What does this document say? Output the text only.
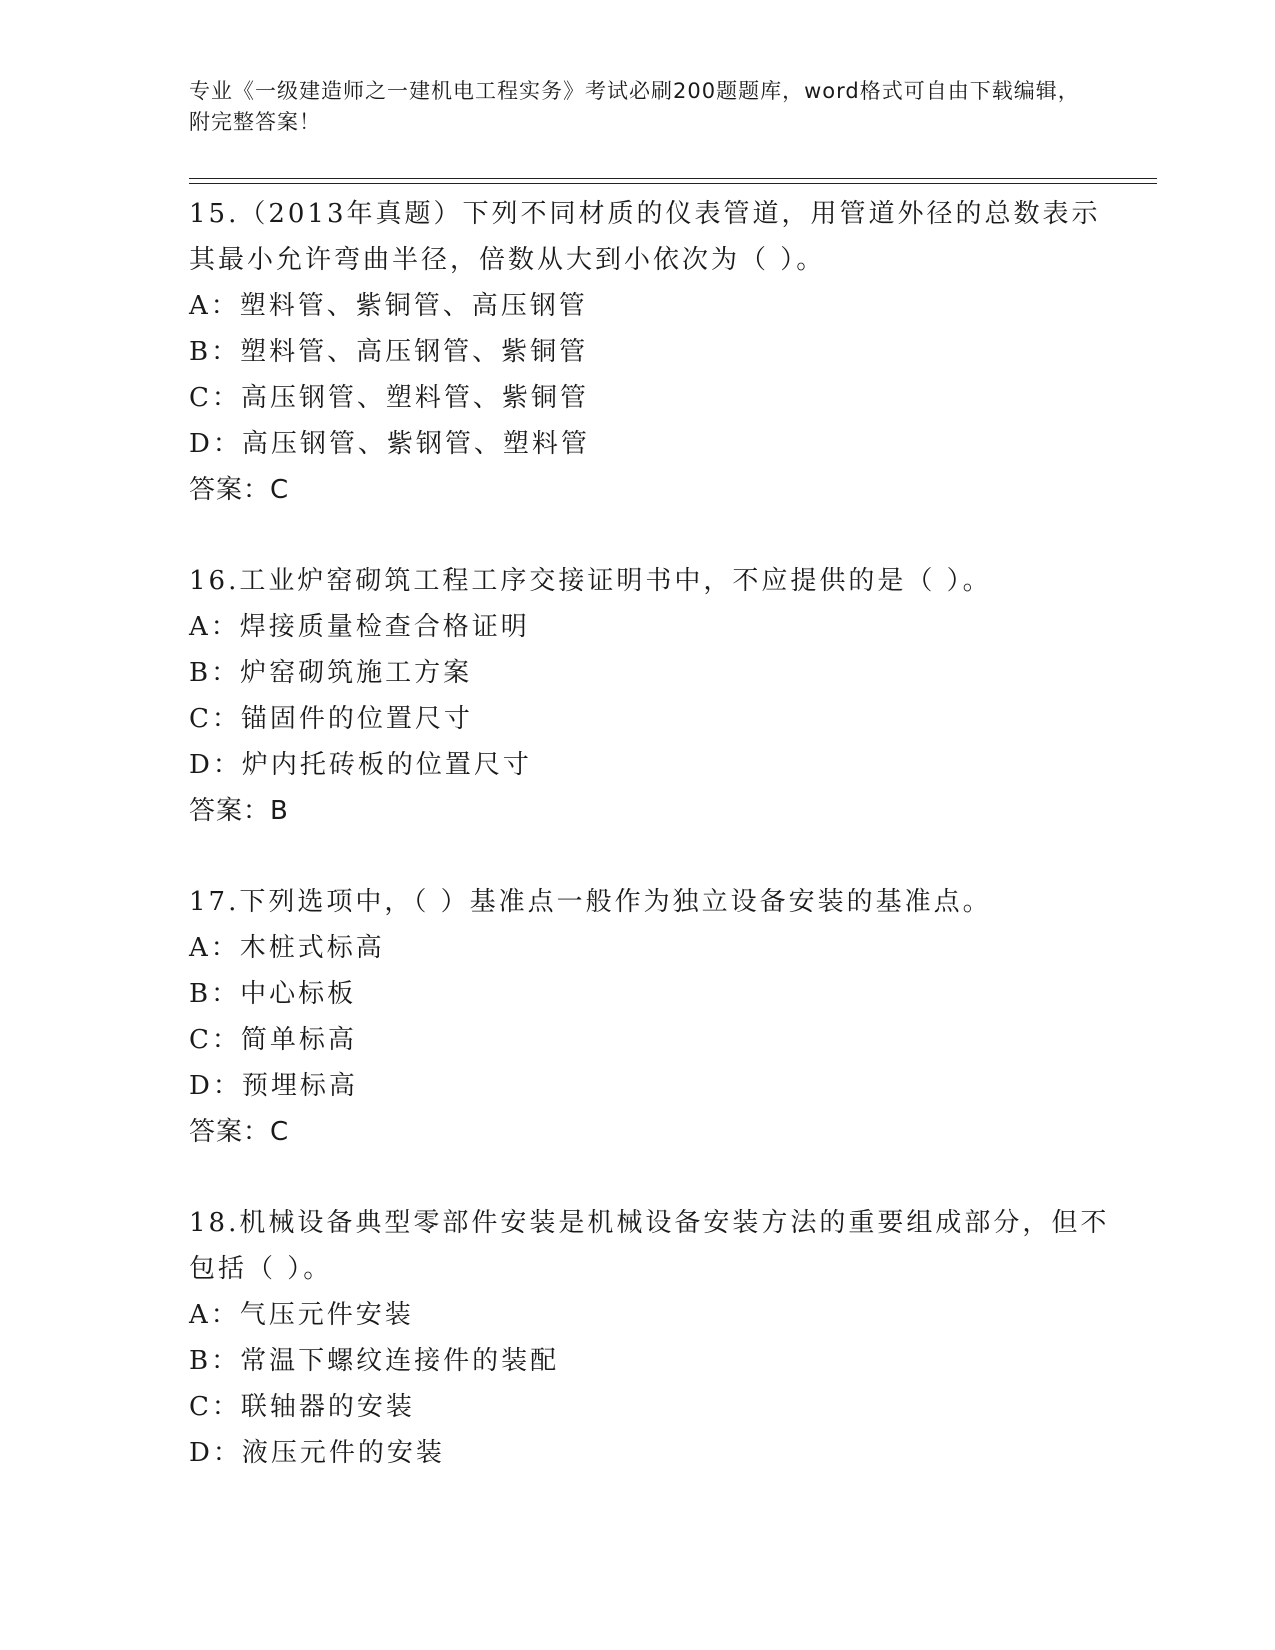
专业《一级建造师之一建机电工程实务》考试必刷200题题库，word格式可自由下载编辑，附完整答案！
15.（2013年真题）下列不同材质的仪表管道，用管道外径的总数表示其最小允许弯曲半径，倍数从大到小依次为（ ）。
A：塑料管、紫铜管、高压钢管
B：塑料管、高压钢管、紫铜管
C：高压钢管、塑料管、紫铜管
D：高压钢管、紫钢管、塑料管
答案：C
16.工业炉窑砌筑工程工序交接证明书中，不应提供的是（ ）。
A：焊接质量检查合格证明
B：炉窑砌筑施工方案
C：锚固件的位置尺寸
D：炉内托砖板的位置尺寸
答案：B
17.下列选项中，（ ）基准点一般作为独立设备安装的基准点。
A：木桩式标高
B：中心标板
C：简单标高
D：预埋标高
答案：C
18.机械设备典型零部件安装是机械设备安装方法的重要组成部分，但不包括（ ）。
A：气压元件安装
B：常温下螺纹连接件的装配
C：联轴器的安装
D：液压元件的安装
